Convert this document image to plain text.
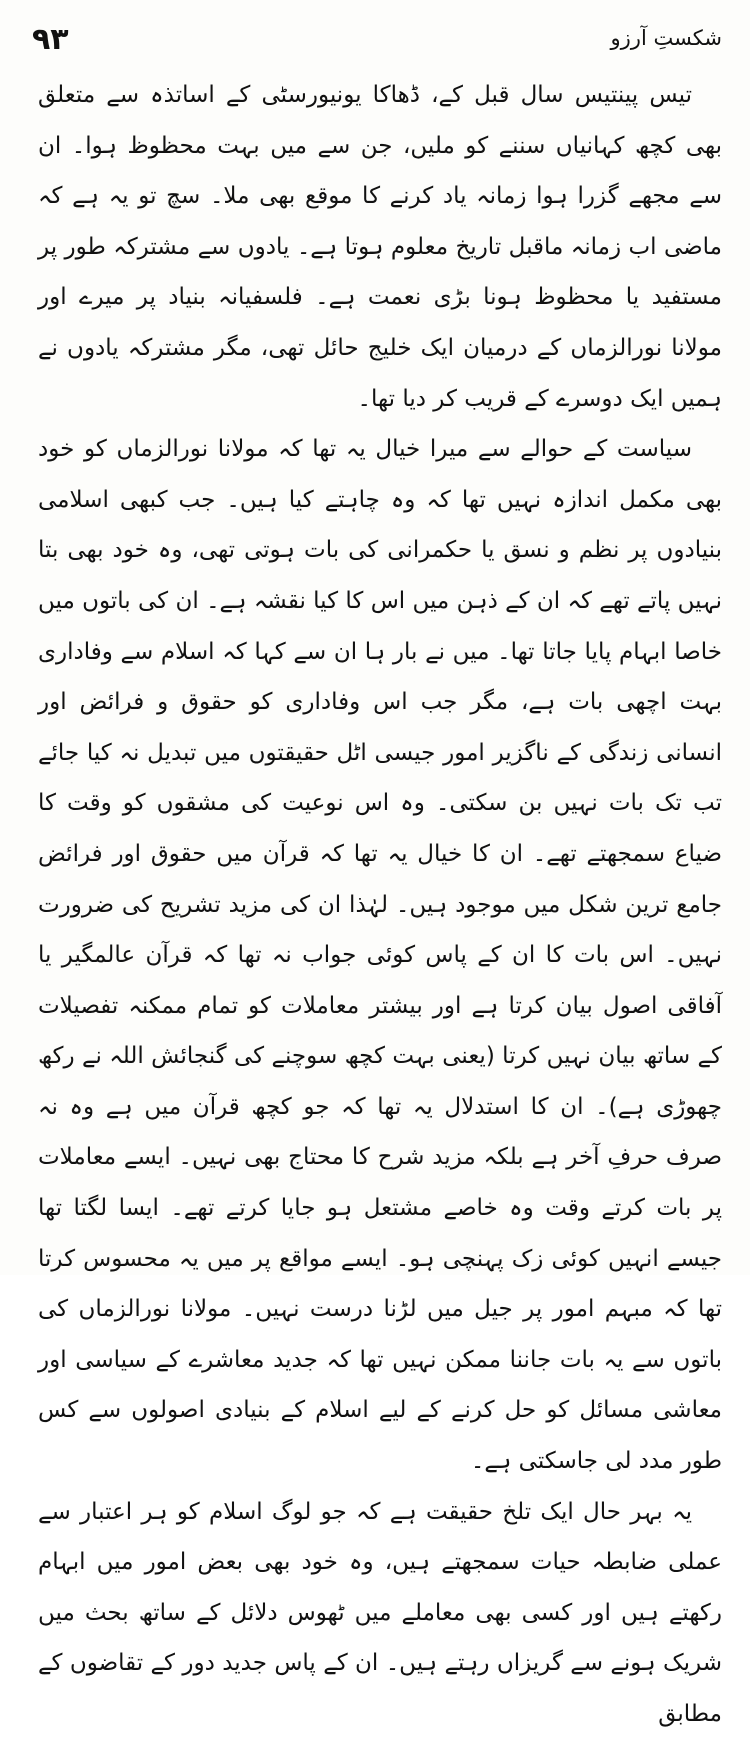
۹۳	شکستِ آرزو

تیس پینتیس سال قبل کے، ڈھاکا یونیورسٹی کے اساتذہ سے متعلق بھی کچھ کہانیاں سننے کو ملیں، جن سے میں بہت محظوظ ہوا۔ ان سے مجھے گزرا ہوا زمانہ یاد کرنے کا موقع بھی ملا۔ سچ تو یہ ہے کہ ماضی اب زمانہ ماقبل تاریخ معلوم ہوتا ہے۔ یادوں سے مشترکہ طور پر مستفید یا محظوظ ہونا بڑی نعمت ہے۔ فلسفیانہ بنیاد پر میرے اور مولانا نورالزماں کے درمیان ایک خلیج حائل تھی، مگر مشترکہ یادوں نے ہمیں ایک دوسرے کے قریب کر دیا تھا۔

سیاست کے حوالے سے میرا خیال یہ تھا کہ مولانا نورالزماں کو خود بھی مکمل اندازہ نہیں تھا کہ وہ چاہتے کیا ہیں۔ جب کبھی اسلامی بنیادوں پر نظم و نسق یا حکمرانی کی بات ہوتی تھی، وہ خود بھی بتا نہیں پاتے تھے کہ ان کے ذہن میں اس کا کیا نقشہ ہے۔ ان کی باتوں میں خاصا ابہام پایا جاتا تھا۔ میں نے بار ہا ان سے کہا کہ اسلام سے وفاداری بہت اچھی بات ہے، مگر جب اس وفاداری کو حقوق و فرائض اور انسانی زندگی کے ناگزیر امور جیسی اٹل حقیقتوں میں تبدیل نہ کیا جائے تب تک بات نہیں بن سکتی۔ وہ اس نوعیت کی مشقوں کو وقت کا ضیاع سمجھتے تھے۔ ان کا خیال یہ تھا کہ قرآن میں حقوق اور فرائض جامع ترین شکل میں موجود ہیں۔ لہٰذا ان کی مزید تشریح کی ضرورت نہیں۔ اس بات کا ان کے پاس کوئی جواب نہ تھا کہ قرآن عالمگیر یا آفاقی اصول بیان کرتا ہے اور بیشتر معاملات کو تمام ممکنہ تفصیلات کے ساتھ بیان نہیں کرتا (یعنی بہت کچھ سوچنے کی گنجائش اللہ نے رکھ چھوڑی ہے)۔ ان کا استدلال یہ تھا کہ جو کچھ قرآن میں ہے وہ نہ صرف حرفِ آخر ہے بلکہ مزید شرح کا محتاج بھی نہیں۔ ایسے معاملات پر بات کرتے وقت وہ خاصے مشتعل ہو جایا کرتے تھے۔ ایسا لگتا تھا جیسے انہیں کوئی زک پہنچی ہو۔ ایسے مواقع پر میں یہ محسوس کرتا تھا کہ مبہم امور پر جیل میں لڑنا درست نہیں۔ مولانا نورالزماں کی باتوں سے یہ بات جاننا ممکن نہیں تھا کہ جدید معاشرے کے سیاسی اور معاشی مسائل کو حل کرنے کے لیے اسلام کے بنیادی اصولوں سے کس طور مدد لی جاسکتی ہے۔

یہ بہر حال ایک تلخ حقیقت ہے کہ جو لوگ اسلام کو ہر اعتبار سے عملی ضابطہ حیات سمجھتے ہیں، وہ خود بھی بعض امور میں ابہام رکھتے ہیں اور کسی بھی معاملے میں ٹھوس دلائل کے ساتھ بحث میں شریک ہونے سے گریزاں رہتے ہیں۔ ان کے پاس جدید دور کے تقاضوں کے مطابق
